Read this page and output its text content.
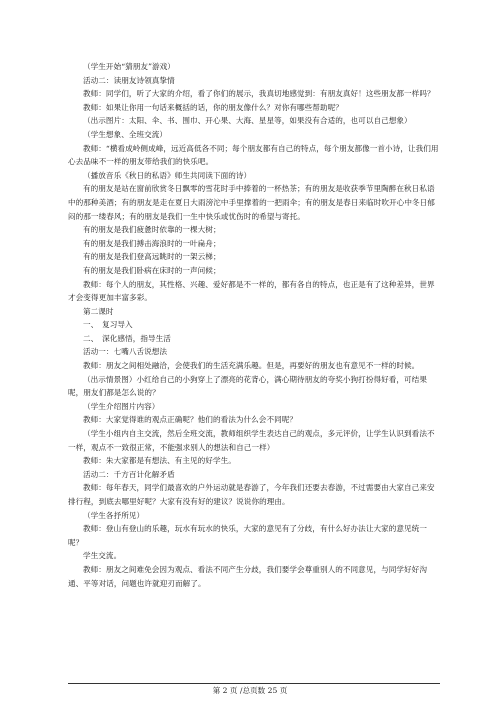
（学生开始“猜朋友”游戏）

活动二：读朋友诗领真挚情

教师：同学们，听了大家的介绍，看了你们的展示，我真切地感觉到：有朋友真好！这些朋友都一样吗？

教师：如果让你用一句话来概括的话，你的朋友像什么？对你有哪些帮助呢？

（出示图片：太阳、伞、书、围巾、开心果、大海、星星等，如果没有合适的，也可以自己想象）

（学生想象、全班交流）

教师：“横看成岭侧成峰，远近高低各不同；每个朋友都有自己的特点，每个朋友都像一首小诗，让我们用心去品味不一样的朋友带给我们的快乐吧。

（播放音乐《秋日的私语》师生共同读下面的诗）

有的朋友是站在窗前欣赏冬日飘零的雪花时手中捧着的一杯热茶；有的朋友是收获季节里陶醉在秋日私语中的那种美酒；有的朋友是走在夏日大雨滂沱中手里撑着的一把雨伞；有的朋友是春日来临时吹开心中冬日郁闷的那一缕春风；有的朋友是我们一生中快乐或忧伤时的希望与寄托。

有的朋友是我们疲惫时依靠的一棵大树；

有的朋友是我们搏击海浪时的一叶扁舟；

有的朋友是我们登高远眺时的一架云梯；

有的朋友是我们卧病在床时的一声问候；

教师：每个人的朋友，其性格、兴趣、爱好都是不一样的，都有各自的特点，也正是有了这种差异，世界才会变得更加丰富多彩。

第二课时

一、　复习导入

二、　深化感悟，指导生活

活动一：七嘴八舌说想法

教师：朋友之间相处融洽，会使我们的生活充满乐趣。但是，再要好的朋友也有意见不一样的时候。

（出示情景图）小红给自己的小狗穿上了漂亮的花背心，满心期待朋友的夸奖小狗打扮得好看，可结果呢，朋友们都是怎么说的？

（学生介绍图片内容）

教师：大家觉得谁的观点正确呢？他们的看法为什么会不同呢？

（学生小组内自主交流，然后全班交流，教师组织学生表达自己的观点，多元评价，让学生认识到看法不一样，观点不一致很正常，不能强求别人的想法和自己一样）

教师：朱大家都是有想法、有主见的好学生。

活动二：千方百计化解矛盾

教师：每年春天，同学们最喜欢的户外运动就是春游了，今年我们还要去春游，不过需要由大家自己来安排行程，到底去哪里好呢？大家有没有好的建议？说说你的理由。

（学生各抒所见）

教师：登山有登山的乐趣，玩水有玩水的快乐，大家的意见有了分歧，有什么好办法让大家的意见统一呢？

学生交流。

教师：朋友之间难免会因为观点、看法不同产生分歧，我们要学会尊重别人的不同意见，与同学好好沟通、平等对话，问题也许就迎刃而解了。

第 2 页 /总页数 25 页
